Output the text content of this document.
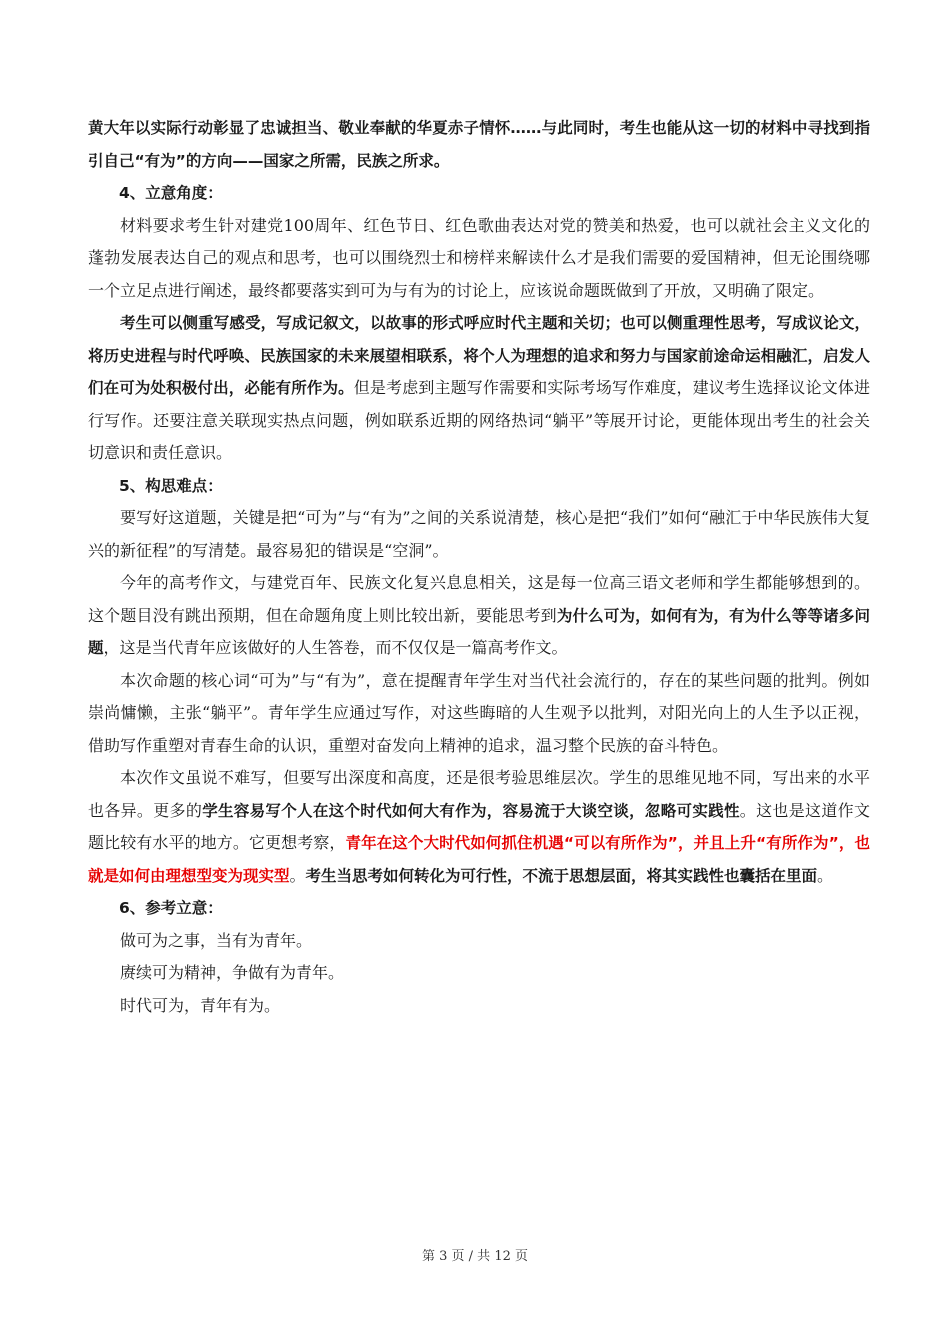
黄大年以实际行动彰显了忠诚担当、敬业奉献的华夏赤子情怀……与此同时，考生也能从这一切的材料中寻找到指引自己“有为”的方向——国家之所需，民族之所求。

4、立意角度：

材料要求考生针对建党100周年、红色节日、红色歌曲表达对党的赞美和热爱，也可以就社会主义文化的蓬勃发展表达自己的观点和思考，也可以围绕烈士和榜样来解读什么才是我们需要的爱国精神，但无论围绕哪一个立足点进行阐述，最终都要落实到可为与有为的讨论上，应该说命题既做到了开放，又明确了限定。

考生可以侧重写感受，写成记叙文，以故事的形式呼应时代主题和关切；也可以侧重理性思考，写成议论文，将历史进程与时代呼唤、民族国家的未来展望相联系，将个人为理想的追求和努力与国家前途命运相融汇，启发人们在可为处积极付出，必能有所作为。但是考虑到主题写作需要和实际考场写作难度，建议考生选择议论文体进行写作。还要注意关联现实热点问题，例如联系近期的网络热词“躺平”等展开讨论，更能体现出考生的社会关切意识和责任意识。

5、构思难点：

要写好这道题，关键是把“可为”与“有为”之间的关系说清楚，核心是把“我们”如何“融汇于中华民族伟大复兴的新征程”的写清楚。最容易犯的错误是“空洞”。

今年的高考作文，与建党百年、民族文化复兴息息相关，这是每一位高三语文老师和学生都能够想到的。这个题目没有跳出预期，但在命题角度上则比较出新，要能思考到为什么可为，如何有为，有为什么等等诸多问题，这是当代青年应该做好的人生答卷，而不仅仅是一篇高考作文。

本次命题的核心词“可为”与“有为”，意在提醒青年学生对当代社会流行的，存在的某些问题的批判。例如崇尚慵懒，主张“躺平”。青年学生应通过写作，对这些晦暗的人生观予以批判，对阳光向上的人生予以正视，借助写作重塑对青春生命的认识，重塑对奋发向上精神的追求，温习整个民族的奋斗特色。

本次作文虽说不难写，但要写出深度和高度，还是很考验思维层次。学生的思维见地不同，写出来的水平也各异。更多的学生容易写个人在这个时代如何大有作为，容易流于大谈空谈，忽略可实践性。这也是这道作文题比较有水平的地方。它更想考察，青年在这个大时代如何抓住机遇“可以有所作为”，并且上升“有所作为”，也就是如何由理想型变为现实型。考生当思考如何转化为可行性，不流于思想层面，将其实践性也囊括在里面。

6、参考立意：

做可为之事，当有为青年。

赓续可为精神，争做有为青年。

时代可为，青年有为。

第 3 页 / 共 12 页
